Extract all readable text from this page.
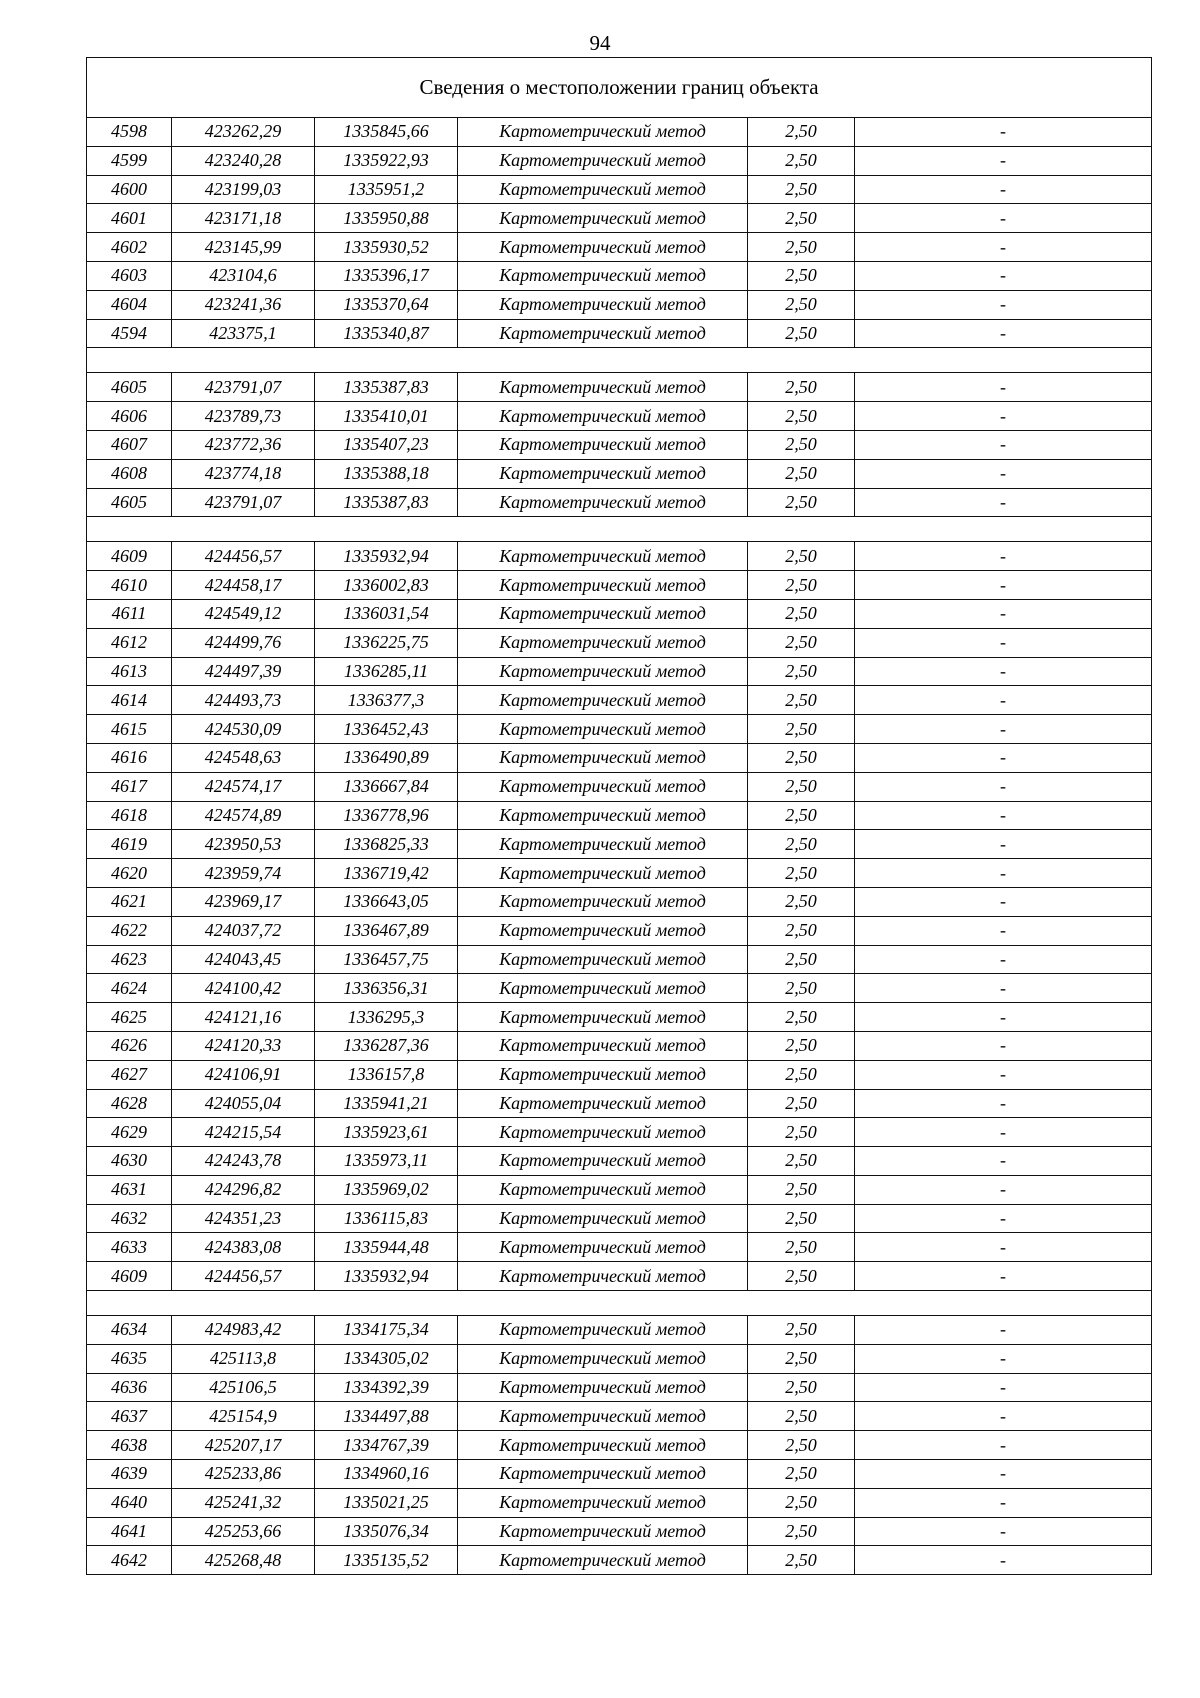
94
Сведения о местоположении границ объекта					
4598	423262,29	1335845,66	Картометрический метод	2,50	-
4599	423240,28	1335922,93	Картометрический метод	2,50	-
4600	423199,03	1335951,2	Картометрический метод	2,50	-
4601	423171,18	1335950,88	Картометрический метод	2,50	-
4602	423145,99	1335930,52	Картометрический метод	2,50	-
4603	423104,6	1335396,17	Картометрический метод	2,50	-
4604	423241,36	1335370,64	Картометрический метод	2,50	-
4594	423375,1	1335340,87	Картометрический метод	2,50	-

4605	423791,07	1335387,83	Картометрический метод	2,50	-
4606	423789,73	1335410,01	Картометрический метод	2,50	-
4607	423772,36	1335407,23	Картометрический метод	2,50	-
4608	423774,18	1335388,18	Картометрический метод	2,50	-
4605	423791,07	1335387,83	Картометрический метод	2,50	-

4609	424456,57	1335932,94	Картометрический метод	2,50	-
4610	424458,17	1336002,83	Картометрический метод	2,50	-
4611	424549,12	1336031,54	Картометрический метод	2,50	-
4612	424499,76	1336225,75	Картометрический метод	2,50	-
4613	424497,39	1336285,11	Картометрический метод	2,50	-
4614	424493,73	1336377,3	Картометрический метод	2,50	-
4615	424530,09	1336452,43	Картометрический метод	2,50	-
4616	424548,63	1336490,89	Картометрический метод	2,50	-
4617	424574,17	1336667,84	Картометрический метод	2,50	-
4618	424574,89	1336778,96	Картометрический метод	2,50	-
4619	423950,53	1336825,33	Картометрический метод	2,50	-
4620	423959,74	1336719,42	Картометрический метод	2,50	-
4621	423969,17	1336643,05	Картометрический метод	2,50	-
4622	424037,72	1336467,89	Картометрический метод	2,50	-
4623	424043,45	1336457,75	Картометрический метод	2,50	-
4624	424100,42	1336356,31	Картометрический метод	2,50	-
4625	424121,16	1336295,3	Картометрический метод	2,50	-
4626	424120,33	1336287,36	Картометрический метод	2,50	-
4627	424106,91	1336157,8	Картометрический метод	2,50	-
4628	424055,04	1335941,21	Картометрический метод	2,50	-
4629	424215,54	1335923,61	Картометрический метод	2,50	-
4630	424243,78	1335973,11	Картометрический метод	2,50	-
4631	424296,82	1335969,02	Картометрический метод	2,50	-
4632	424351,23	1336115,83	Картометрический метод	2,50	-
4633	424383,08	1335944,48	Картометрический метод	2,50	-
4609	424456,57	1335932,94	Картометрический метод	2,50	-

4634	424983,42	1334175,34	Картометрический метод	2,50	-
4635	425113,8	1334305,02	Картометрический метод	2,50	-
4636	425106,5	1334392,39	Картометрический метод	2,50	-
4637	425154,9	1334497,88	Картометрический метод	2,50	-
4638	425207,17	1334767,39	Картометрический метод	2,50	-
4639	425233,86	1334960,16	Картометрический метод	2,50	-
4640	425241,32	1335021,25	Картометрический метод	2,50	-
4641	425253,66	1335076,34	Картометрический метод	2,50	-
4642	425268,48	1335135,52	Картометрический метод	2,50	-
